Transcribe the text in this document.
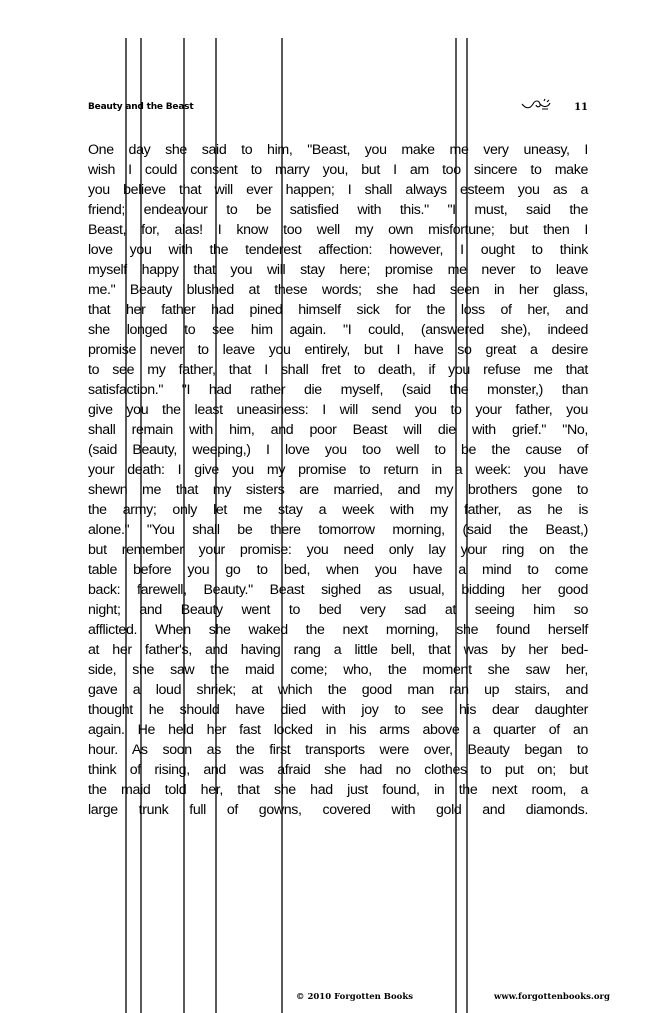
Beauty and the Beast	11
One day she said to him, "Beast, you make me very uneasy, I
wish I could consent to marry you, but I am too sincere to make
you believe that will ever happen; I shall always esteem you as a
friend; endeavour to be satisfied with this." "I must, said the
Beast, for, alas! I know too well my own misfortune; but then I
love you with the tenderest affection: however, I ought to think
myself happy that you will stay here; promise me never to leave
me." Beauty blushed at these words; she had seen in her glass,
that her father had pined himself sick for the loss of her, and
she longed to see him again. "I could, (answered she), indeed
promise never to leave you entirely, but I have so great a desire
to see my father, that I shall fret to death, if you refuse me that
satisfaction." "I had rather die myself, (said the monster,) than
give you the least uneasiness: I will send you to your father, you
shall remain with him, and poor Beast will die with grief." "No,
(said Beauty, weeping,) I love you too well to be the cause of
your death: I give you my promise to return in a week: you have
shewn me that my sisters are married, and my brothers gone to
the army; only let me stay a week with my father, as he is
alone." "You shall be there tomorrow morning, (said the Beast,)
but remember your promise: you need only lay your ring on the
table before you go to bed, when you have a mind to come
back: farewell, Beauty." Beast sighed as usual, bidding her good
night; and Beauty went to bed very sad at seeing him so
afflicted. When she waked the next morning, she found herself
at her father's, and having rang a little bell, that was by her bed-
side, she saw the maid come; who, the moment she saw her,
gave a loud shriek; at which the good man ran up stairs, and
thought he should have died with joy to see his dear daughter
again. He held her fast locked in his arms above a quarter of an
hour. As soon as the first transports were over, Beauty began to
think of rising, and was afraid she had no clothes to put on; but
the maid told her, that she had just found, in the next room, a
large trunk full of gowns, covered with gold and diamonds.
© 2010 Forgotten Books	www.forgottenbooks.org
